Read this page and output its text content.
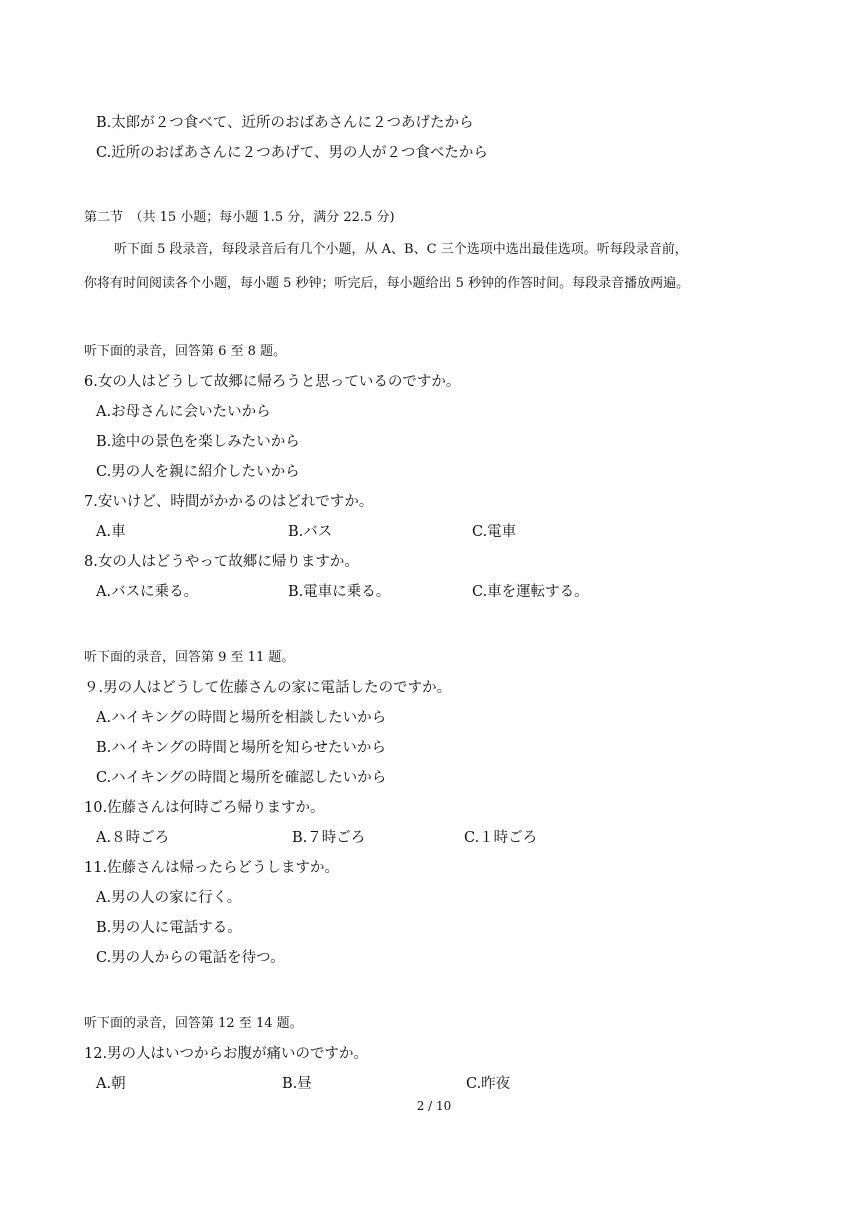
B.太郎が２つ食べて、近所のおばあさんに２つあげたから
C.近所のおばあさんに２つあげて、男の人が２つ食べたから
第二节　（共 15 小题；每小题 1.5 分，满分 22.5 分)
听下面 5 段录音，每段录音后有几个小题，从 A、B、C 三个选项中选出最佳选项。听每段录音前，
你将有时间阅读各个小题，每小题 5 秒钟；听完后，每小题给出 5 秒钟的作答时间。每段录音播放两遍。
听下面的录音，回答第 6 至 8 题。
6.女の人はどうして故郷に帰ろうと思っているのですか。
A.お母さんに会いたいから
B.途中の景色を楽しみたいから
C.男の人を親に紹介したいから
7.安いけど、時間がかかるのはどれですか。
A.車	B.バス	C.電車
8.女の人はどうやって故郷に帰りますか。
A.バスに乗る。	B.電車に乗る。	C.車を運転する。
听下面的录音，回答第 9 至 11 题。
９.男の人はどうして佐藤さんの家に電話したのですか。
A.ハイキングの時間と場所を相談したいから
B.ハイキングの時間と場所を知らせたいから
C.ハイキングの時間と場所を確認したいから
10.佐藤さんは何時ごろ帰りますか。
A.８時ごろ	B.７時ごろ	C.１時ごろ
11.佐藤さんは帰ったらどうしますか。
A.男の人の家に行く。
B.男の人に電話する。
C.男の人からの電話を待つ。
听下面的录音，回答第 12 至 14 题。
12.男の人はいつからお腹が痛いのですか。
A.朝	B.昼	C.昨夜
2 / 10
